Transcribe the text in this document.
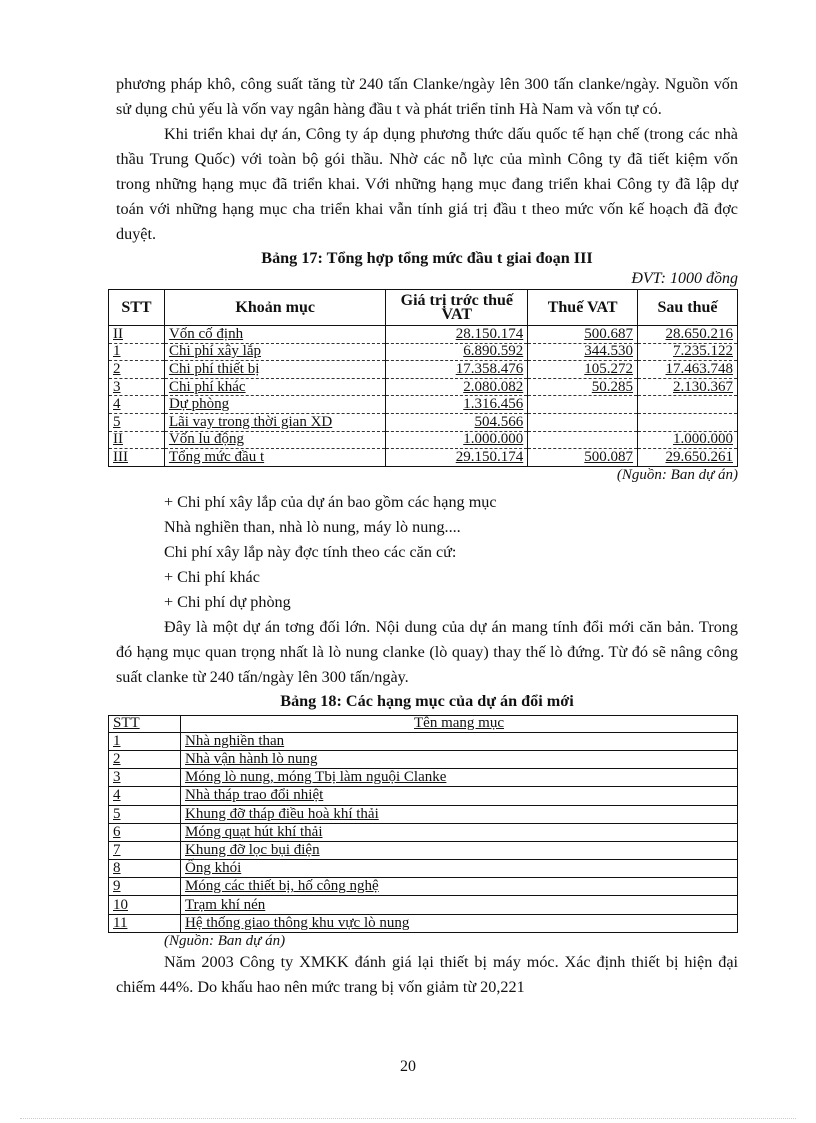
phương pháp khô, công suất tăng từ 240 tấn Clanke/ngày lên 300 tấn clanke/ngày. Nguồn vốn sử dụng chủ yếu là vốn vay ngân hàng đầu t và phát triển tỉnh Hà Nam và vốn tự có.

Khi triển khai dự án, Công ty áp dụng phương thức dấu quốc tế hạn chế (trong các nhà thầu Trung Quốc) với toàn bộ gói thầu. Nhờ các nỗ lực của mình Công ty đã tiết kiệm vốn trong những hạng mục đã triển khai. Với những hạng mục đang triển khai Công ty đã lập dự toán với những hạng mục cha triển khai vẫn tính giá trị đầu t theo mức vốn kế hoạch đã đợc duyệt.

Bảng 17: Tổng hợp tổng mức đầu t giai đoạn III

ĐVT: 1000 đồng

STT	Khoản mục	Giá trị trớc thuế VAT	Thuế VAT	Sau thuế
II	Vốn cố định	28.150.174	500.687	28.650.216
1	Chi phí xây lắp	6.890.592	344.530	7.235.122
2	Chi phí thiết bị	17.358.476	105.272	17.463.748
3	Chi phí khác	2.080.082	50.285	2.130.367
4	Dự phòng	1.316.456		
5	Lãi vay trong thời gian XD	504.566		
II	Vốn lu động	1.000.000		1.000.000
III	Tổng mức đầu t	29.150.174	500.087	29.650.261

(Nguồn: Ban dự án)

+ Chi phí xây lắp của dự án bao gồm các hạng mục

Nhà nghiền than, nhà lò nung, máy lò nung....

Chi phí xây lắp này đợc tính theo các căn cứ:

+ Chi phí khác

+ Chi phí dự phòng

Đây là một dự án tơng đối lớn. Nội dung của dự án mang tính đổi mới căn bản. Trong đó hạng mục quan trọng nhất là lò nung clanke (lò quay) thay thế lò đứng. Từ đó sẽ nâng công suất clanke từ 240 tấn/ngày lên 300 tấn/ngày.

Bảng 18: Các hạng mục của dự án đổi mới

STT	Tên mang mục
1	Nhà nghiền than
2	Nhà vận hành lò nung
3	Móng lò nung, móng Tbị làm nguội Clanke
4	Nhà tháp trao đổi nhiệt
5	Khung đỡ tháp điều hoà khí thải
6	Móng quạt hút khí thải
7	Khung đỡ lọc bụi điện
8	Ống khói
9	Móng các thiết bị, hố công nghệ
10	Trạm khí nén
11	Hệ thống giao thông khu vực lò nung

(Nguồn: Ban dự án)

Năm 2003 Công ty XMKK đánh giá lại thiết bị máy móc. Xác định thiết bị hiện đại chiếm 44%. Do khấu hao nên mức trang bị vốn giảm từ 20,221

20
